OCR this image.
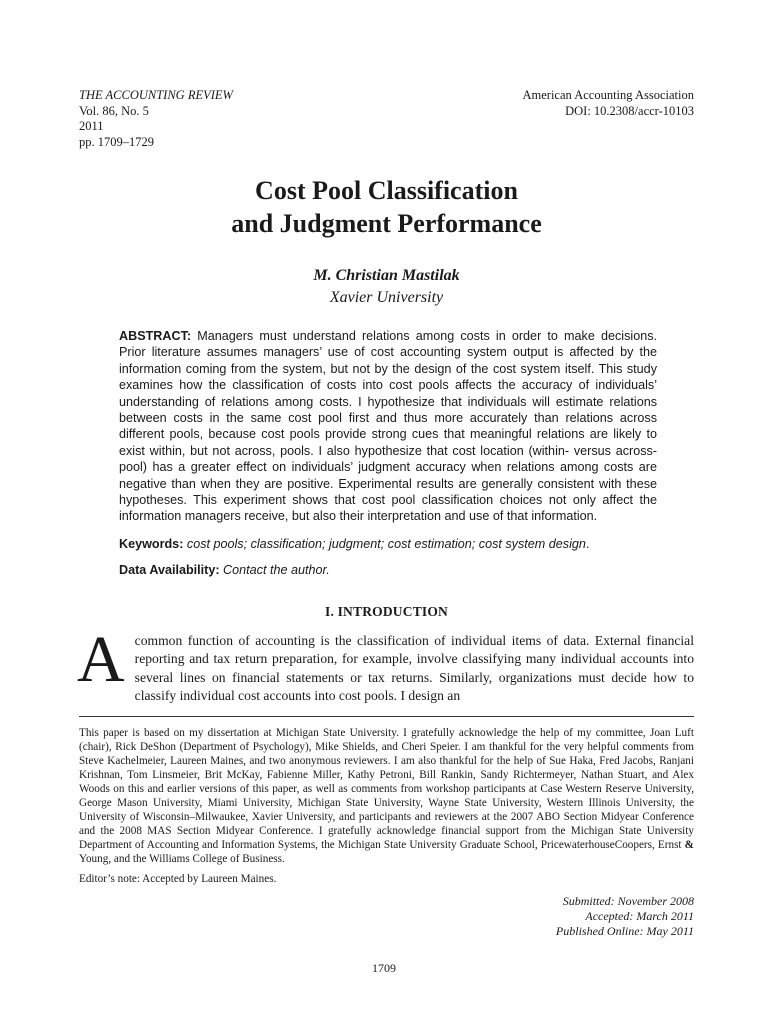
THE ACCOUNTING REVIEW
Vol. 86, No. 5
2011
pp. 1709–1729
American Accounting Association
DOI: 10.2308/accr-10103
Cost Pool Classification
and Judgment Performance
M. Christian Mastilak
Xavier University
ABSTRACT: Managers must understand relations among costs in order to make decisions. Prior literature assumes managers’ use of cost accounting system output is affected by the information coming from the system, but not by the design of the cost system itself. This study examines how the classification of costs into cost pools affects the accuracy of individuals’ understanding of relations among costs. I hypothesize that individuals will estimate relations between costs in the same cost pool first and thus more accurately than relations across different pools, because cost pools provide strong cues that meaningful relations are likely to exist within, but not across, pools. I also hypothesize that cost location (within- versus across-pool) has a greater effect on individuals’ judgment accuracy when relations among costs are negative than when they are positive. Experimental results are generally consistent with these hypotheses. This experiment shows that cost pool classification choices not only affect the information managers receive, but also their interpretation and use of that information.
Keywords: cost pools; classification; judgment; cost estimation; cost system design.
Data Availability: Contact the author.
I. INTRODUCTION
A common function of accounting is the classification of individual items of data. External financial reporting and tax return preparation, for example, involve classifying many individual accounts into several lines on financial statements or tax returns. Similarly, organizations must decide how to classify individual cost accounts into cost pools. I design an
This paper is based on my dissertation at Michigan State University. I gratefully acknowledge the help of my committee, Joan Luft (chair), Rick DeShon (Department of Psychology), Mike Shields, and Cheri Speier. I am thankful for the very helpful comments from Steve Kachelmeier, Laureen Maines, and two anonymous reviewers. I am also thankful for the help of Sue Haka, Fred Jacobs, Ranjani Krishnan, Tom Linsmeier, Brit McKay, Fabienne Miller, Kathy Petroni, Bill Rankin, Sandy Richtermeyer, Nathan Stuart, and Alex Woods on this and earlier versions of this paper, as well as comments from workshop participants at Case Western Reserve University, George Mason University, Miami University, Michigan State University, Wayne State University, Western Illinois University, the University of Wisconsin–Milwaukee, Xavier University, and participants and reviewers at the 2007 ABO Section Midyear Conference and the 2008 MAS Section Midyear Conference. I gratefully acknowledge financial support from the Michigan State University Department of Accounting and Information Systems, the Michigan State University Graduate School, PricewaterhouseCoopers, Ernst & Young, and the Williams College of Business.
Editor’s note: Accepted by Laureen Maines.
Submitted: November 2008
Accepted: March 2011
Published Online: May 2011
1709
